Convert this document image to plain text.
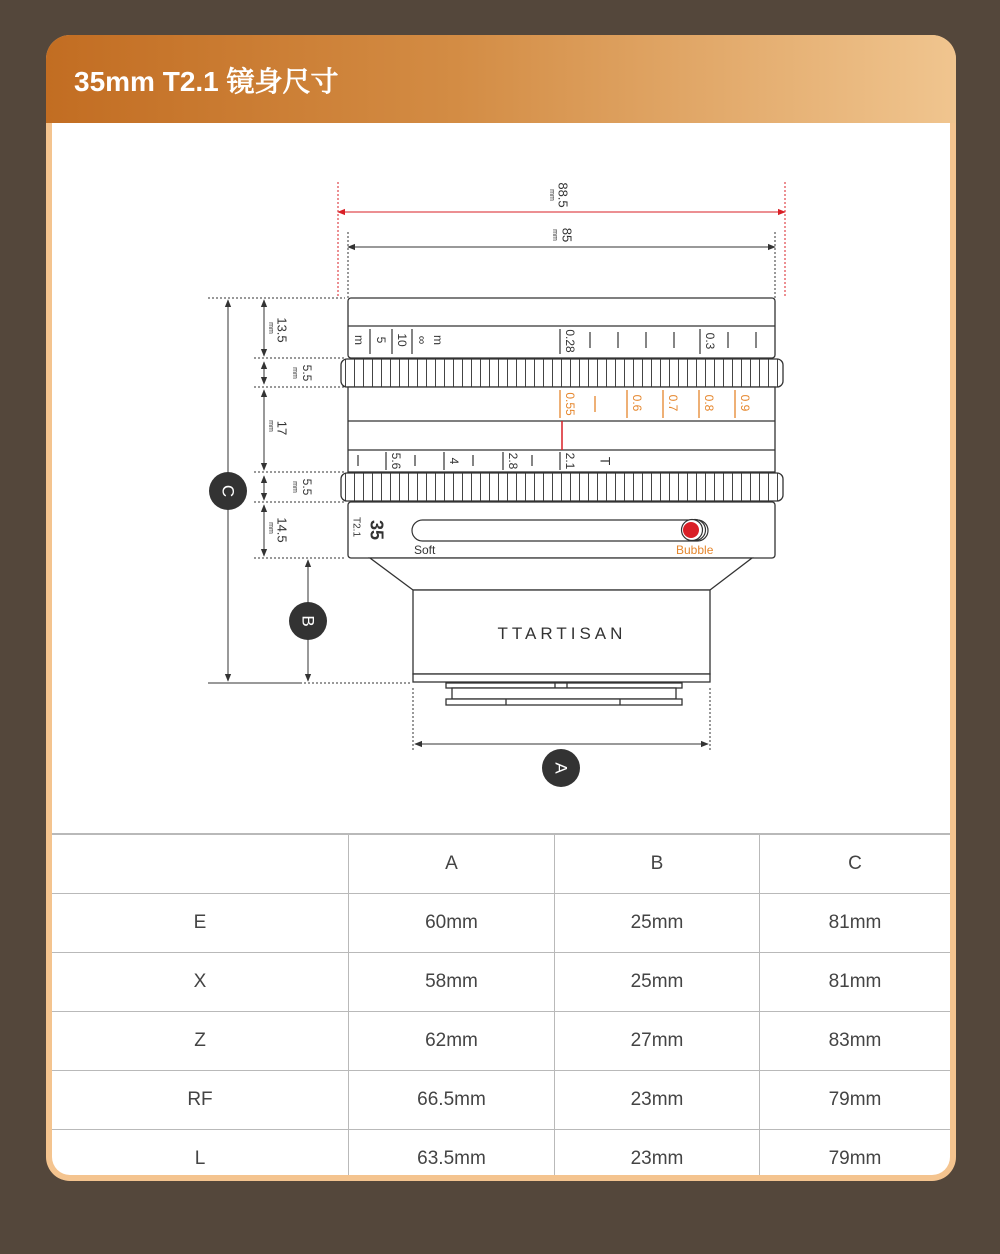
35mm T2.1 镜身尺寸
88.5
mm
85
mm
13.5
mm
5.5
mm
17
mm
5.5
mm
14.5
mm
C
B
A
m 5 10 ∞ m	0.28	0.3
0.55	0.6 0.7 0.8 0.9
5.6	4	2.8	2.1 T
35
T2.1
Soft	Bubble
TTARTISAN
	A	B	C
E	60mm	25mm	81mm
X	58mm	25mm	81mm
Z	62mm	27mm	83mm
RF	66.5mm	23mm	79mm
L	63.5mm	23mm	79mm
